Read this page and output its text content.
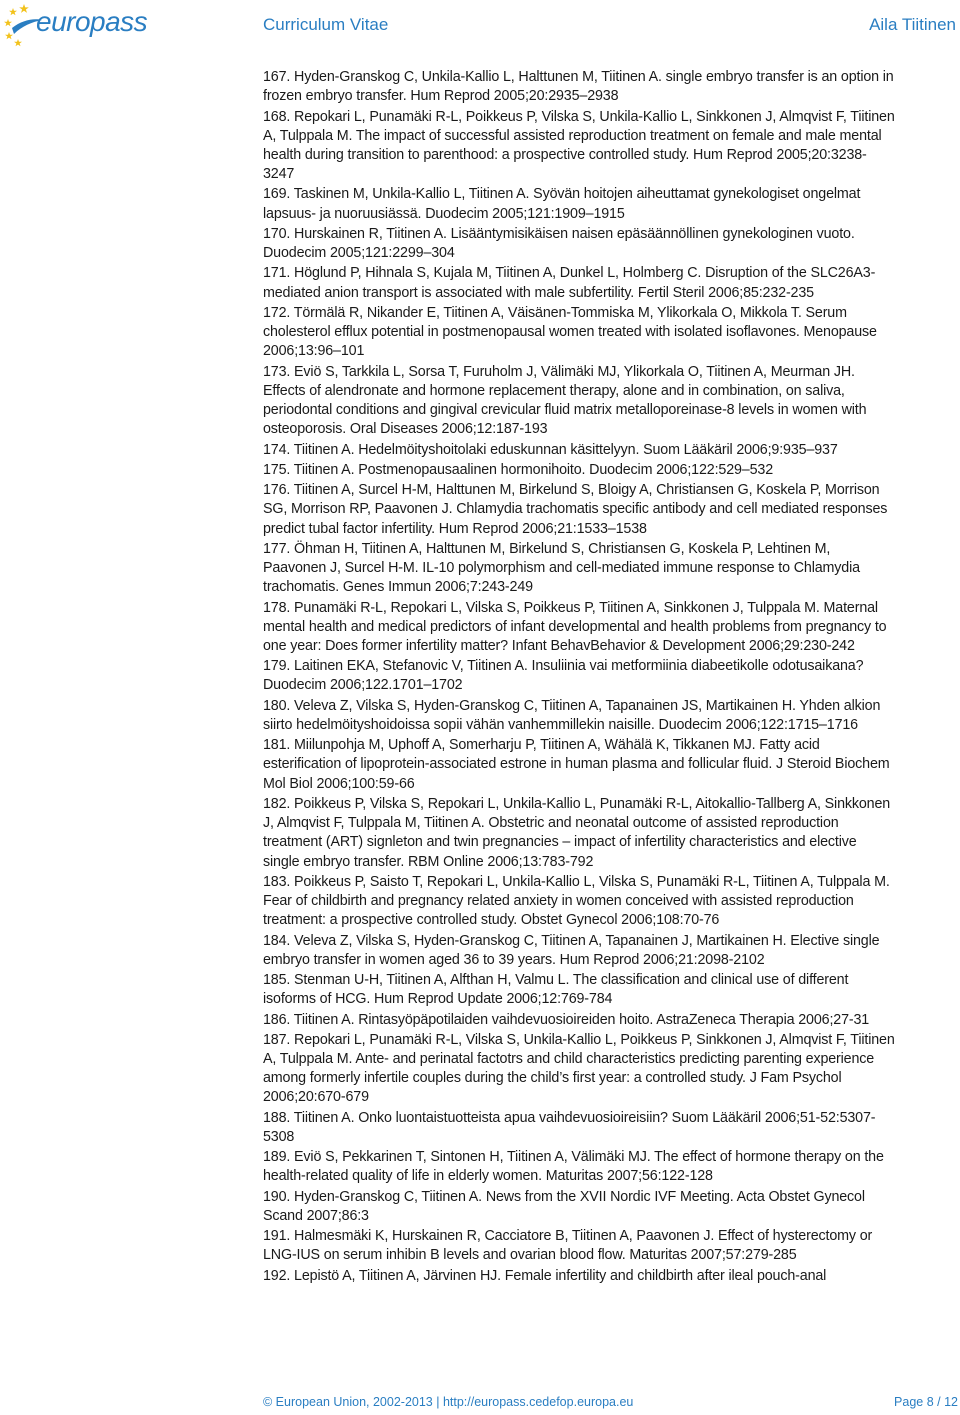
europass	Curriculum Vitae	Aila Tiitinen

167. Hyden-Granskog C, Unkila-Kallio L, Halttunen M, Tiitinen A. single embryo transfer is an option in
frozen embryo transfer. Hum Reprod 2005;20:2935–2938

168. Repokari L, Punamäki R-L, Poikkeus P, Vilska S, Unkila-Kallio L, Sinkkonen J, Almqvist F, Tiitinen
A, Tulppala M. The impact of successful assisted reproduction treatment on female and male mental
health during transition to parenthood: a prospective controlled study. Hum Reprod 2005;20:3238-
3247

169. Taskinen M, Unkila-Kallio L, Tiitinen A. Syövän hoitojen aiheuttamat gynekologiset ongelmat
lapsuus- ja nuoruusiässä. Duodecim 2005;121:1909–1915

170. Hurskainen R, Tiitinen A. Lisääntymisikäisen naisen epäsäännöllinen gynekologinen vuoto.
Duodecim 2005;121:2299–304

171. Höglund P, Hihnala S, Kujala M, Tiitinen A, Dunkel L, Holmberg C. Disruption of the SLC26A3-
mediated anion transport is associated with male subfertility. Fertil Steril 2006;85:232-235

172. Törmälä R, Nikander E, Tiitinen A, Väisänen-Tommiska M, Ylikorkala O, Mikkola T. Serum
cholesterol efflux potential in postmenopausal women treated with isolated isoflavones. Menopause
2006;13:96–101

173. Eviö S, Tarkkila L, Sorsa T, Furuholm J, Välimäki MJ, Ylikorkala O, Tiitinen A, Meurman JH.
Effects of alendronate and hormone replacement therapy, alone and in combination, on saliva,
periodontal conditions and gingival crevicular fluid matrix metalloporeinase-8 levels in women with
osteoporosis. Oral Diseases 2006;12:187-193

174. Tiitinen A. Hedelmöityshoitolaki eduskunnan käsittelyyn. Suom Lääkäril 2006;9:935–937

175. Tiitinen A. Postmenopausaalinen hormonihoito. Duodecim 2006;122:529–532

176. Tiitinen A, Surcel H-M, Halttunen M, Birkelund S, Bloigy A, Christiansen G, Koskela P, Morrison
SG, Morrison RP, Paavonen J. Chlamydia trachomatis specific antibody and cell mediated responses
predict tubal factor infertility. Hum Reprod 2006;21:1533–1538

177. Öhman H, Tiitinen A, Halttunen M, Birkelund S, Christiansen G, Koskela P, Lehtinen M,
Paavonen J, Surcel H-M. IL-10 polymorphism and cell-mediated immune response to Chlamydia
trachomatis. Genes Immun 2006;7:243-249

178. Punamäki R-L, Repokari L, Vilska S, Poikkeus P, Tiitinen A, Sinkkonen J, Tulppala M. Maternal
mental health and medical predictors of infant developmental and health problems from pregnancy to
one year: Does former infertility matter? Infant BehavBehavior & Development 2006;29:230-242

179. Laitinen EKA, Stefanovic V, Tiitinen A. Insuliinia vai metformiinia diabeetikolle odotusaikana?
Duodecim 2006;122.1701–1702

180. Veleva Z, Vilska S, Hyden-Granskog C, Tiitinen A, Tapanainen JS, Martikainen H. Yhden alkion
siirto hedelmöityshoidoissa sopii vähän vanhemmillekin naisille. Duodecim 2006;122:1715–1716

181. Miilunpohja M, Uphoff A, Somerharju P, Tiitinen A, Wähälä K, Tikkanen MJ. Fatty acid
esterification of lipoprotein-associated estrone in human plasma and follicular fluid. J Steroid Biochem
Mol Biol 2006;100:59-66

182. Poikkeus P, Vilska S, Repokari L, Unkila-Kallio L, Punamäki R-L, Aitokallio-Tallberg A, Sinkkonen
J, Almqvist F, Tulppala M, Tiitinen A. Obstetric and neonatal outcome of assisted reproduction
treatment (ART) signleton and twin pregnancies – impact of infertility characteristics and elective
single embryo transfer. RBM Online 2006;13:783-792

183. Poikkeus P, Saisto T, Repokari L, Unkila-Kallio L, Vilska S, Punamäki R-L, Tiitinen A, Tulppala M.
Fear of childbirth and pregnancy related anxiety in women conceived with assisted reproduction
treatment: a prospective controlled study. Obstet Gynecol 2006;108:70-76

184. Veleva Z, Vilska S, Hyden-Granskog C, Tiitinen A, Tapanainen J, Martikainen H. Elective single
embryo transfer in women aged 36 to 39 years. Hum Reprod 2006;21:2098-2102

185. Stenman U-H, Tiitinen A, Alfthan H, Valmu L. The classification and clinical use of different
isoforms of HCG. Hum Reprod Update 2006;12:769-784

186. Tiitinen A. Rintasyöpäpotilaiden vaihdevuosioireiden hoito. AstraZeneca Therapia 2006;27-31

187. Repokari L, Punamäki R-L, Vilska S, Unkila-Kallio L, Poikkeus P, Sinkkonen J, Almqvist F, Tiitinen
A, Tulppala M. Ante- and perinatal factotrs and child characteristics predicting parenting experience
among formerly infertile couples during the child’s first year: a controlled study. J Fam Psychol
2006;20:670-679

188. Tiitinen A. Onko luontaistuotteista apua vaihdevuosioireisiin? Suom Lääkäril 2006;51-52:5307-
5308

189. Eviö S, Pekkarinen T, Sintonen H, Tiitinen A, Välimäki MJ. The effect of hormone therapy on the
health-related quality of life in elderly women. Maturitas 2007;56:122-128

190. Hyden-Granskog C, Tiitinen A. News from the XVII Nordic IVF Meeting. Acta Obstet Gynecol
Scand 2007;86:3

191. Halmesmäki K, Hurskainen R, Cacciatore B, Tiitinen A, Paavonen J. Effect of hysterectomy or
LNG-IUS on serum inhibin B levels and ovarian blood flow. Maturitas 2007;57:279-285

192. Lepistö A, Tiitinen A, Järvinen HJ. Female infertility and childbirth after ileal pouch-anal

© European Union, 2002-2013 | http://europass.cedefop.europa.eu	Page 8 / 12
